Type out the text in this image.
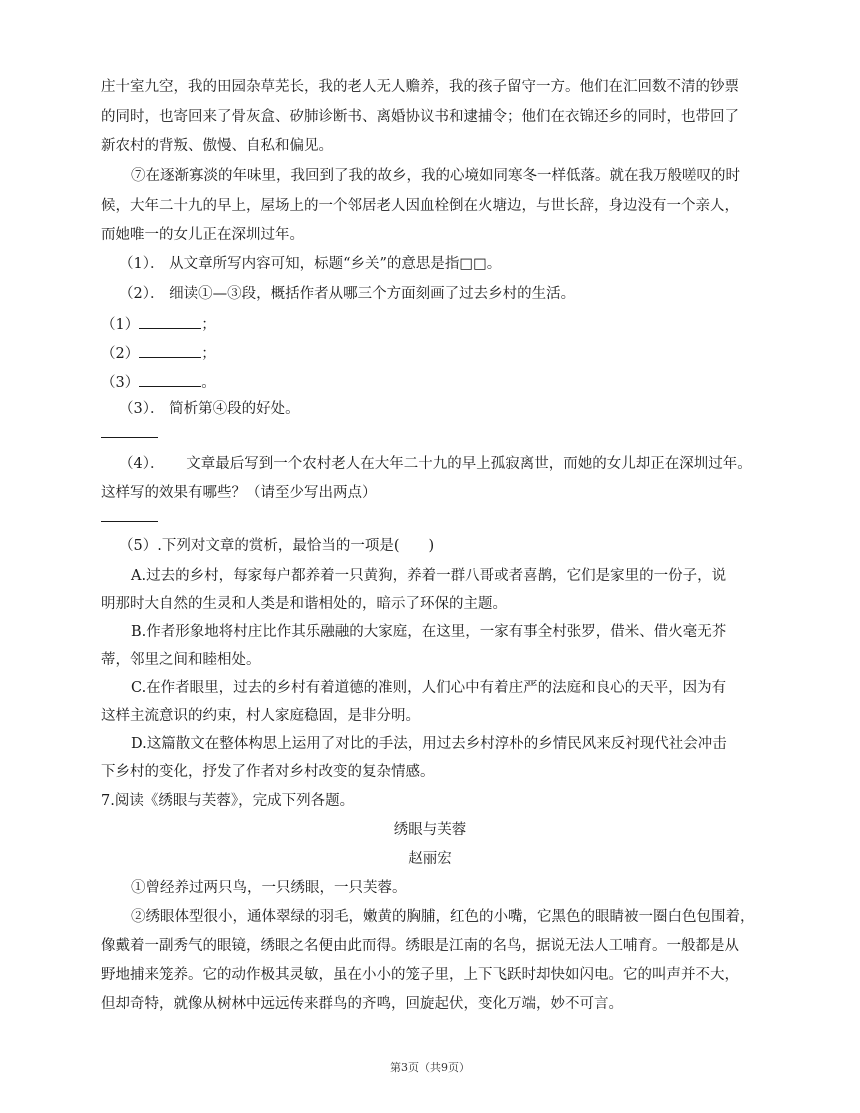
庄十室九空，我的田园杂草芜长，我的老人无人赡养，我的孩子留守一方。他们在汇回数不清的钞票
的同时，也寄回来了骨灰盒、矽肺诊断书、离婚协议书和逮捕令；他们在衣锦还乡的同时，也带回了
新农村的背叛、傲慢、自私和偏见。
⑦在逐渐寡淡的年味里，我回到了我的故乡，我的心境如同寒冬一样低落。就在我万般嗟叹的时
候，大年二十九的早上，屋场上的一个邻居老人因血栓倒在火塘边，与世长辞，身边没有一个亲人，
而她唯一的女儿正在深圳过年。
（1）． 从文章所写内容可知，标题“乡关”的意思是指□□。
（2）． 细读①—③段，概括作者从哪三个方面刻画了过去乡村的生活。
（1）	；
（2）	；
（3）	。
（3）． 简析第④段的好处。
（4）．　　文章最后写到一个农村老人在大年二十九的早上孤寂离世，而她的女儿却正在深圳过年。
这样写的效果有哪些？（请至少写出两点）
（5）.下列对文章的赏析，最恰当的一项是(　　)
A.过去的乡村，每家每户都养着一只黄狗，养着一群八哥或者喜鹊，它们是家里的一份子，说
明那时大自然的生灵和人类是和谐相处的，暗示了环保的主题。
B.作者形象地将村庄比作其乐融融的大家庭，在这里，一家有事全村张罗，借米、借火毫无芥
蒂，邻里之间和睦相处。
C.在作者眼里，过去的乡村有着道德的准则，人们心中有着庄严的法庭和良心的天平，因为有
这样主流意识的约束，村人家庭稳固，是非分明。
D.这篇散文在整体构思上运用了对比的手法，用过去乡村淳朴的乡情民风来反衬现代社会冲击
下乡村的变化，抒发了作者对乡村改变的复杂情感。
7.阅读《绣眼与芙蓉》，完成下列各题。
绣眼与芙蓉
赵丽宏
①曾经养过两只鸟，一只绣眼，一只芙蓉。
②绣眼体型很小，通体翠绿的羽毛，嫩黄的胸脯，红色的小嘴，它黑色的眼睛被一圈白色包围着，
像戴着一副秀气的眼镜，绣眼之名便由此而得。绣眼是江南的名鸟，据说无法人工哺育。一般都是从
野地捕来笼养。它的动作极其灵敏，虽在小小的笼子里，上下飞跃时却快如闪电。它的叫声并不大，
但却奇特，就像从树林中远远传来群鸟的齐鸣，回旋起伏，变化万端，妙不可言。
第3页（共9页）
